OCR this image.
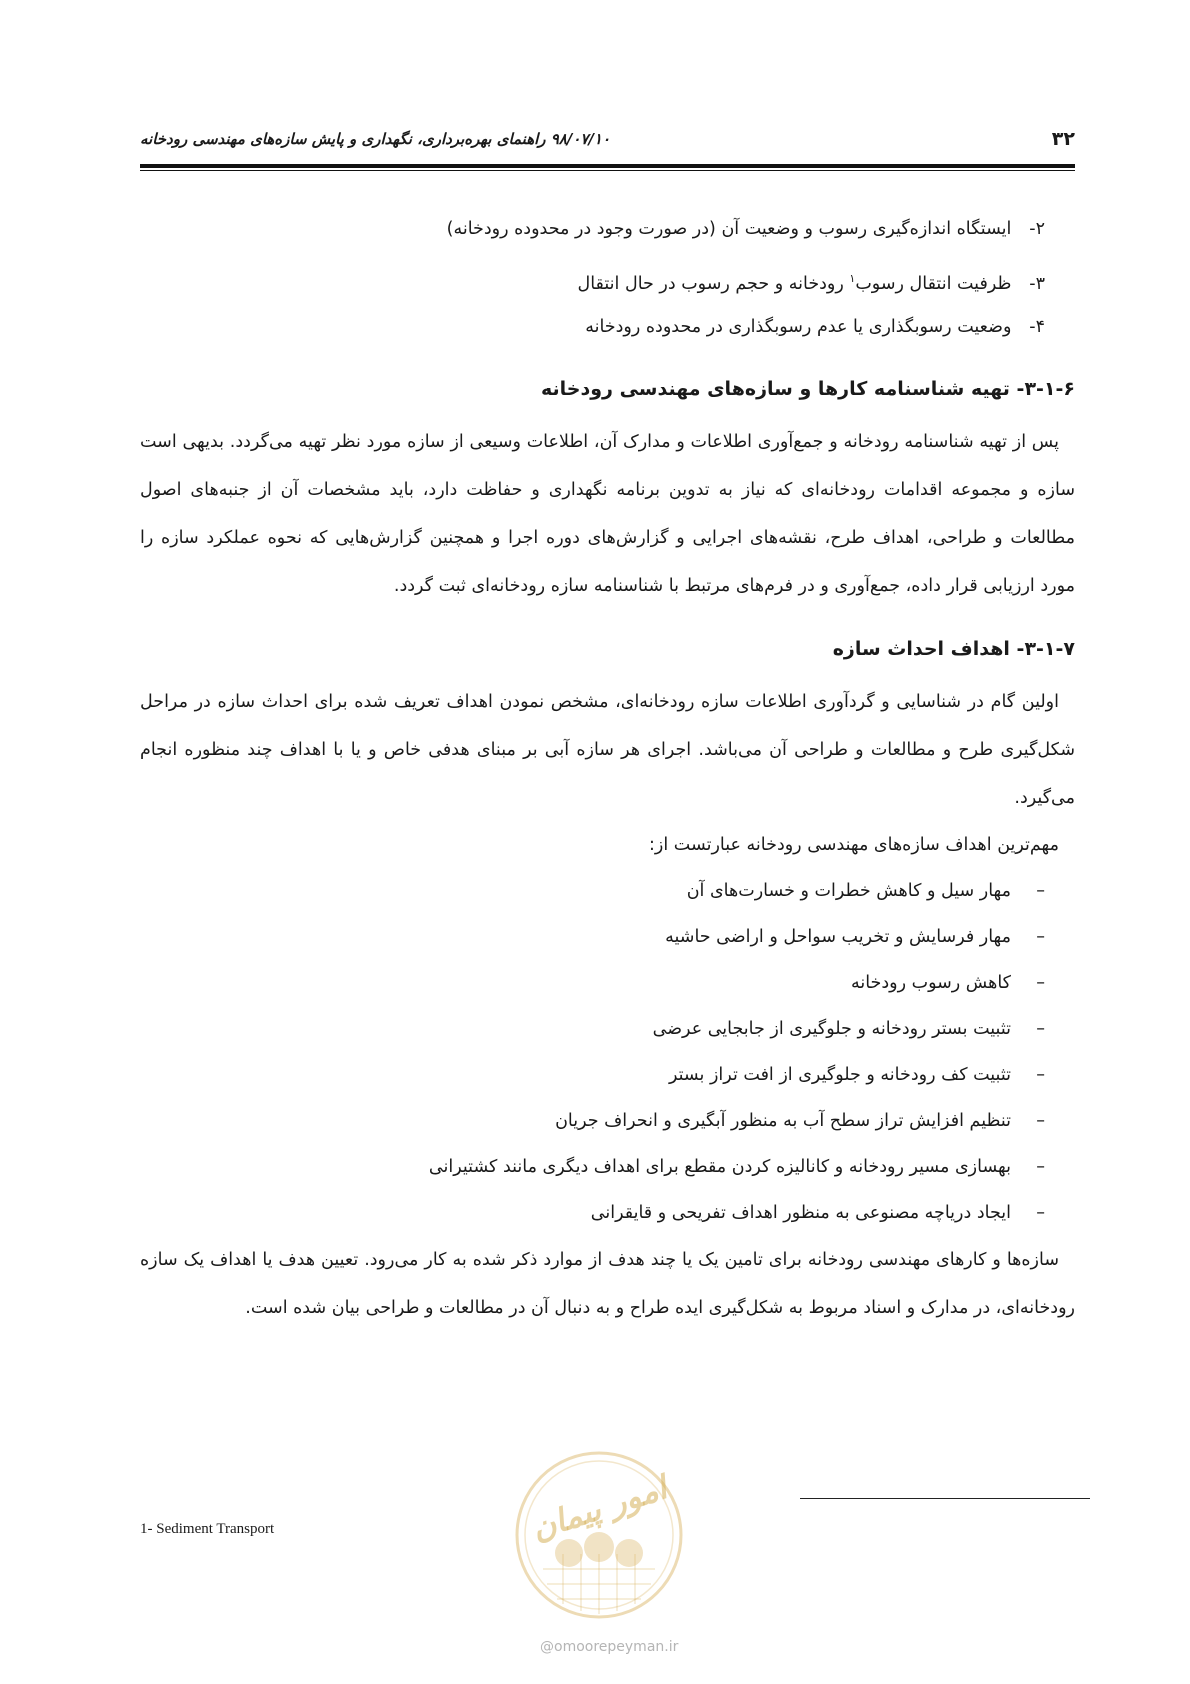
۳۲
۹۸/۰۷/۱۰ راهنمای بهره‌برداری، نگهداری و پایش سازه‌های مهندسی رودخانه
۲- ایستگاه اندازه‌گیری رسوب و وضعیت آن (در صورت وجود در محدوده رودخانه)
۳- ظرفیت انتقال رسوب$^۱$ رودخانه و حجم رسوب در حال انتقال
۴- وضعیت رسوبگذاری یا عدم رسوبگذاری در محدوده رودخانه
۳-۱-۶- تهیه شناسنامه کارها و سازه‌های مهندسی رودخانه

پس از تهیه شناسنامه رودخانه و جمع‌آوری اطلاعات و مدارک آن، اطلاعات وسیعی از سازه مورد نظر تهیه می‌گردد. بدیهی است سازه و مجموعه اقدامات رودخانه‌ای که نیاز به تدوین برنامه نگهداری و حفاظت دارد، باید مشخصات آن از جنبه‌های اصول مطالعات و طراحی، اهداف طرح، نقشه‌های اجرایی و گزارش‌های دوره اجرا و همچنین گزارش‌هایی که نحوه عملکرد سازه را مورد ارزیابی قرار داده، جمع‌آوری و در فرم‌های مرتبط با شناسنامه سازه رودخانه‌ای ثبت گردد.

۳-۱-۷- اهداف احداث سازه

اولین گام در شناسایی و گردآوری اطلاعات سازه رودخانه‌ای، مشخص نمودن اهداف تعریف شده برای احداث سازه در مراحل شکل‌گیری طرح و مطالعات و طراحی آن می‌باشد. اجرای هر سازه آبی بر مبنای هدفی خاص و یا با اهداف چند منظوره انجام می‌گیرد.

مهم‌ترین اهداف سازه‌های مهندسی رودخانه عبارتست از:

–مهار سیل و کاهش خطرات و خسارت‌های آن
–مهار فرسایش و تخریب سواحل و اراضی حاشیه
–کاهش رسوب رودخانه
–تثبیت بستر رودخانه و جلوگیری از جابجایی عرضی
–تثبیت کف رودخانه و جلوگیری از افت تراز بستر
–تنظیم افزایش تراز سطح آب به منظور آبگیری و انحراف جریان
–بهسازی مسیر رودخانه و کانالیزه کردن مقطع برای اهداف دیگری مانند کشتیرانی
–ایجاد دریاچه مصنوعی به منظور اهداف تفریحی و قایقرانی

سازه‌ها و کارهای مهندسی رودخانه برای تامین یک یا چند هدف از موارد ذکر شده به کار می‌رود. تعیین هدف یا اهداف یک سازه رودخانه‌ای، در مدارک و اسناد مربوط به شکل‌گیری ایده طراح و به دنبال آن در مطالعات و طراحی بیان شده است.

1- Sediment Transport	امور پیمان
@omoorepeyman.ir
